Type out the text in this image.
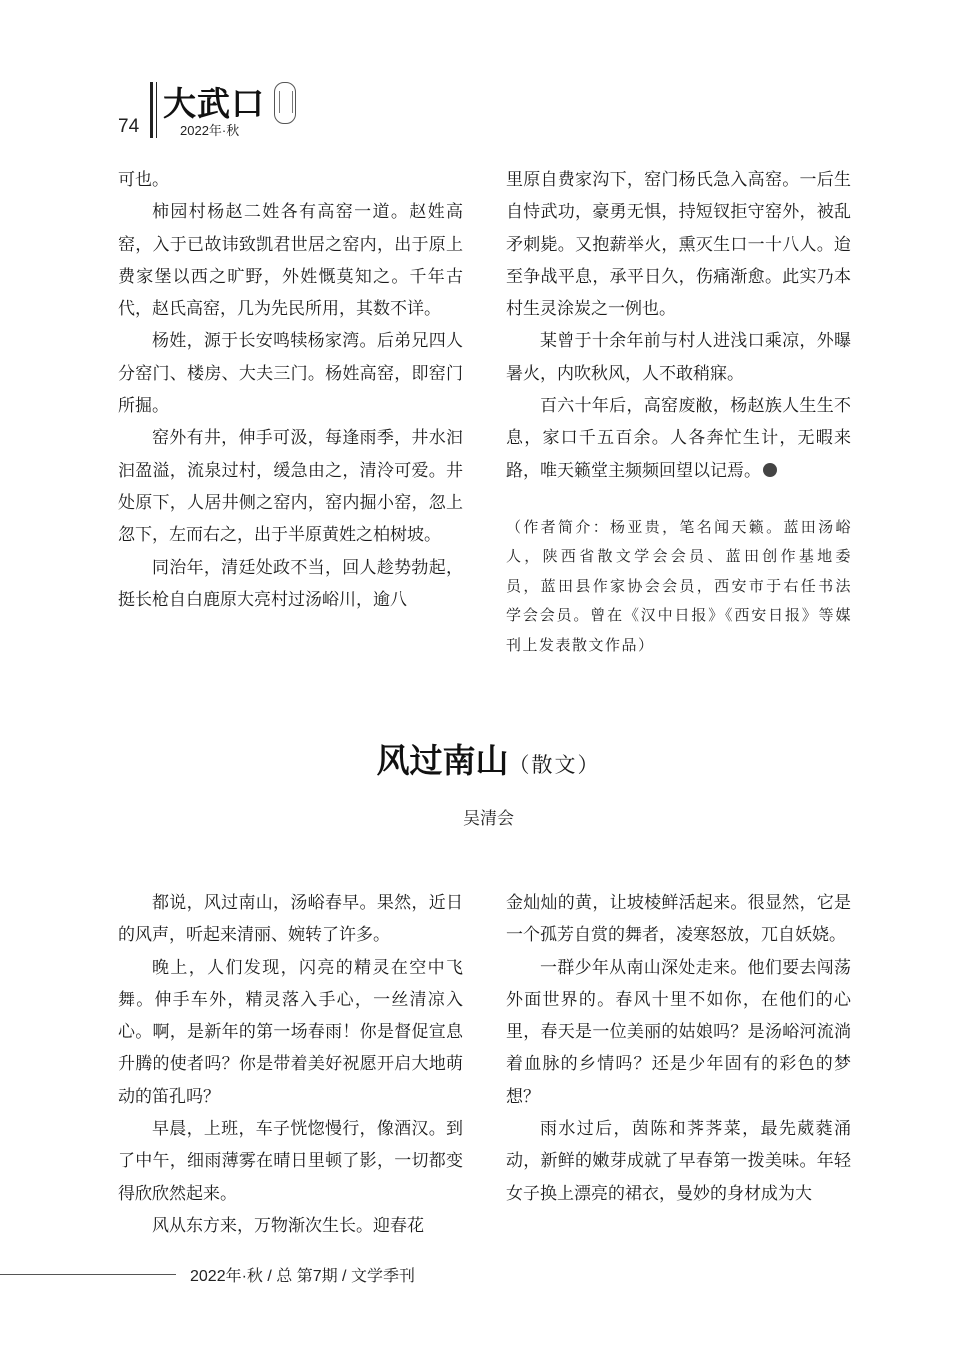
74
大武口
2022年·秋

可也。

柿园村杨赵二姓各有高窑一道。赵姓高窑，入于已故讳致凯君世居之窑内，出于原上费家堡以西之旷野，外姓慨莫知之。千年古代，赵氏高窑，几为先民所用，其数不详。

杨姓，源于长安鸣犊杨家湾。后弟兄四人分窑门、楼房、大夫三门。杨姓高窑，即窑门所掘。

窑外有井，伸手可汲，每逢雨季，井水汩汩盈溢，流泉过村，缓急由之，清泠可爱。井处原下，人居井侧之窑内，窑内掘小窑，忽上忽下，左而右之，出于半原黄姓之柏树坡。

同治年，清廷处政不当，回人趁势勃起，挺长枪自白鹿原大亮村过汤峪川，逾八

里原自费家沟下，窑门杨氏急入高窑。一后生自恃武功，豪勇无惧，持短钗拒守窑外，被乱矛刺毙。又抱薪举火，熏灭生口一十八人。迨至争战平息，承平日久，伤痛渐愈。此实乃本村生灵涂炭之一例也。

某曾于十余年前与村人进浅口乘凉，外曝暑火，内吹秋风，人不敢稍寐。

百六十年后，高窑废敝，杨赵族人生生不息，家口千五百余。人各奔忙生计，无暇来路，唯天籁堂主频频回望以记焉。

（作者简介：杨亚贵，笔名闻天籁。蓝田汤峪人，陕西省散文学会会员、蓝田创作基地委员，蓝田县作家协会会员，西安市于右任书法学会会员。曾在《汉中日报》《西安日报》等媒刊上发表散文作品）
风过南山（散文）
吴清会

都说，风过南山，汤峪春早。果然，近日的风声，听起来清丽、婉转了许多。

晚上，人们发现，闪亮的精灵在空中飞舞。伸手车外，精灵落入手心，一丝清凉入心。啊，是新年的第一场春雨！你是督促宣息升腾的使者吗？你是带着美好祝愿开启大地萌动的笛孔吗？

早晨，上班，车子恍惚慢行，像酒汉。到了中午，细雨薄雾在晴日里顿了影，一切都变得欣欣然起来。

风从东方来，万物渐次生长。迎春花

金灿灿的黄，让坡棱鲜活起来。很显然，它是一个孤芳自赏的舞者，凌寒怒放，兀自妖娆。

一群少年从南山深处走来。他们要去闯荡外面世界的。春风十里不如你，在他们的心里，春天是一位美丽的姑娘吗？是汤峪河流淌着血脉的乡情吗？还是少年固有的彩色的梦想？

雨水过后，茵陈和荠荠菜，最先葳蕤涌动，新鲜的嫩芽成就了早春第一拨美味。年轻女子换上漂亮的裙衣，曼妙的身材成为大

2022年·秋 / 总 第7期 / 文学季刊
